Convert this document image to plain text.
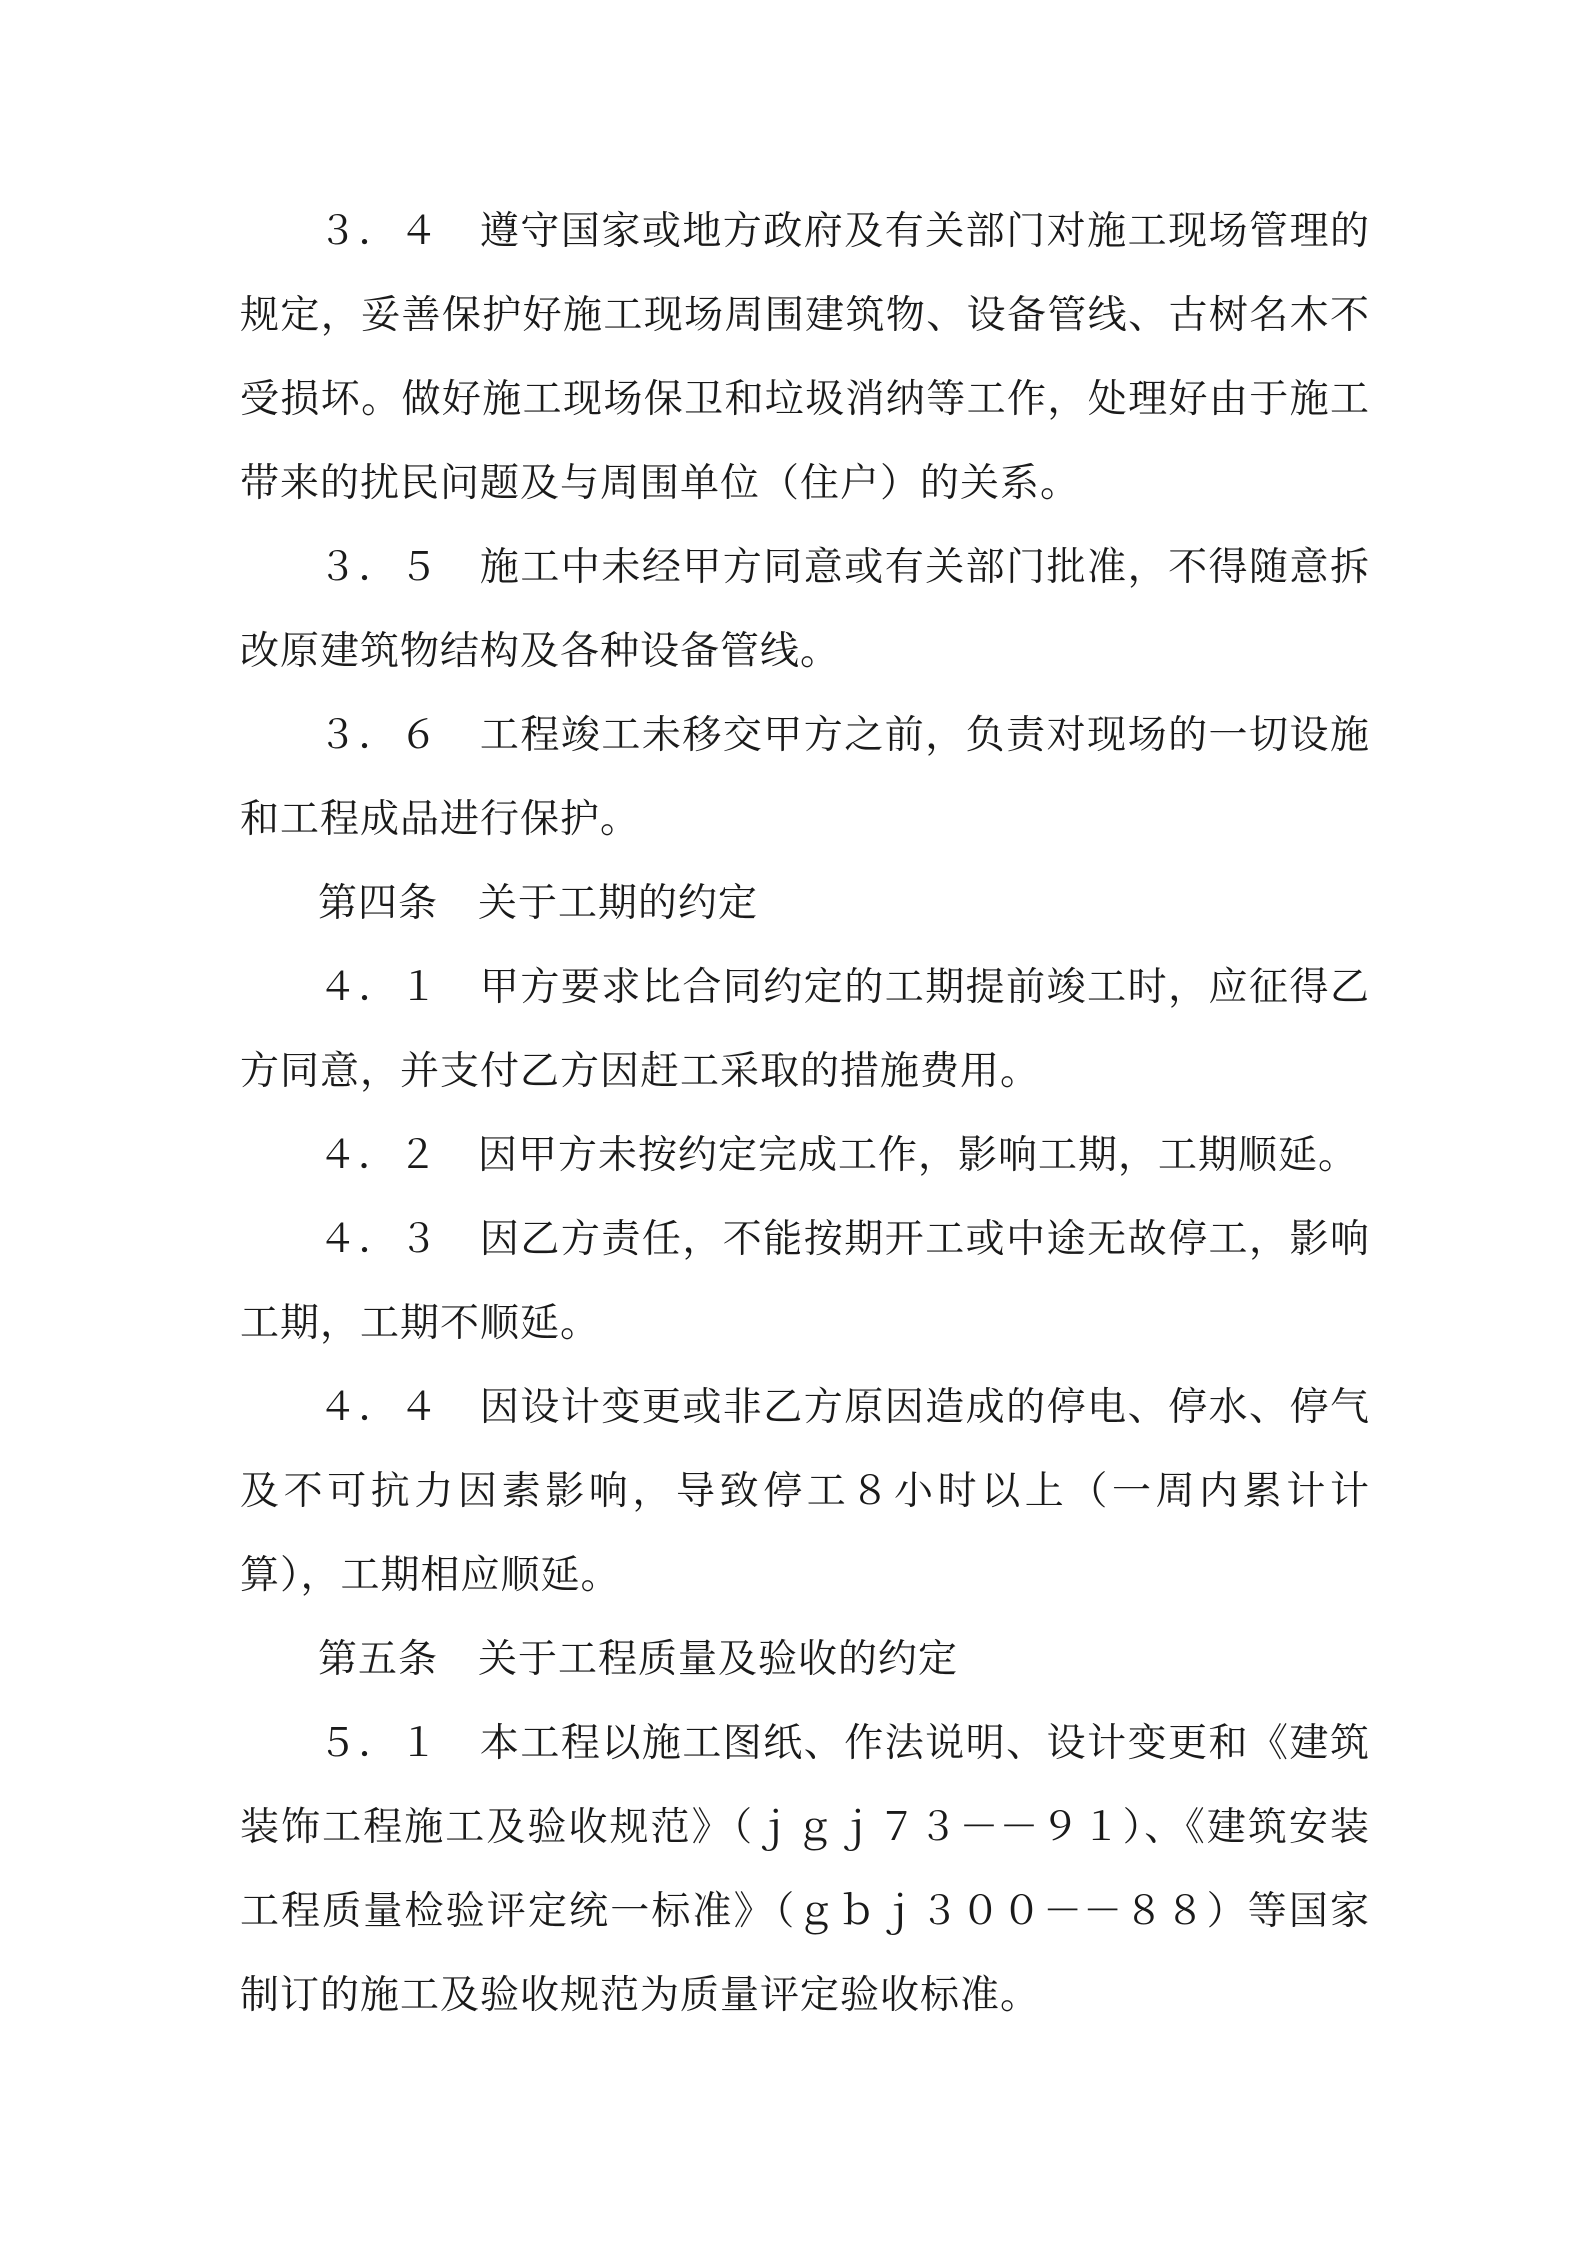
３．４　遵守国家或地方政府及有关部门对施工现场管理的规定，妥善保护好施工现场周围建筑物、设备管线、古树名木不受损坏。做好施工现场保卫和垃圾消纳等工作，处理好由于施工带来的扰民问题及与周围单位（住户）的关系。

３．５　施工中未经甲方同意或有关部门批准，不得随意拆改原建筑物结构及各种设备管线。

３．６　工程竣工未移交甲方之前，负责对现场的一切设施和工程成品进行保护。

第四条　关于工期的约定

４．１　甲方要求比合同约定的工期提前竣工时，应征得乙方同意，并支付乙方因赶工采取的措施费用。

４．２　因甲方未按约定完成工作，影响工期，工期顺延。

４．３　因乙方责任，不能按期开工或中途无故停工，影响工期，工期不顺延。

４．４　因设计变更或非乙方原因造成的停电、停水、停气及不可抗力因素影响，导致停工８小时以上（一周内累计计算），工期相应顺延。

第五条　关于工程质量及验收的约定

５．１　本工程以施工图纸、作法说明、设计变更和《建筑装饰工程施工及验收规范》（ｊｇｊ７３－－９１）、《建筑安装工程质量检验评定统一标准》（ｇｂｊ３００－－８８）等国家制订的施工及验收规范为质量评定验收标准。
